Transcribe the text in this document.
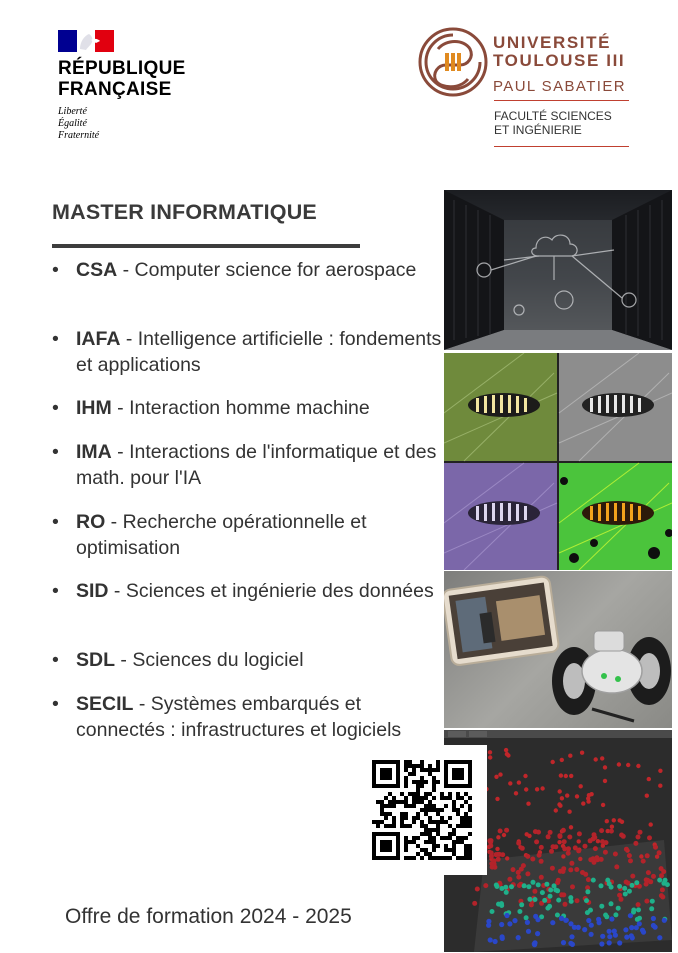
RÉPUBLIQUE
FRANÇAISE
Liberté
Égalité
Fraternité
UNIVERSITÉ
TOULOUSE III
PAUL SABATIER
FACULTÉ SCIENCES
ET INGÉNIERIE
MASTER INFORMATIQUE
• CSA - Computer science for aerospace
• IAFA - Intelligence artificielle : fondements et applications
• IHM - Interaction homme machine
• IMA - Interactions de l'informatique et des math. pour l'IA
• RO - Recherche opérationnelle et optimisation
• SID - Sciences et ingénierie des données
• SDL - Sciences du logiciel
• SECIL - Systèmes embarqués et connectés : infrastructures et logiciels
Offre de formation 2024 - 2025
